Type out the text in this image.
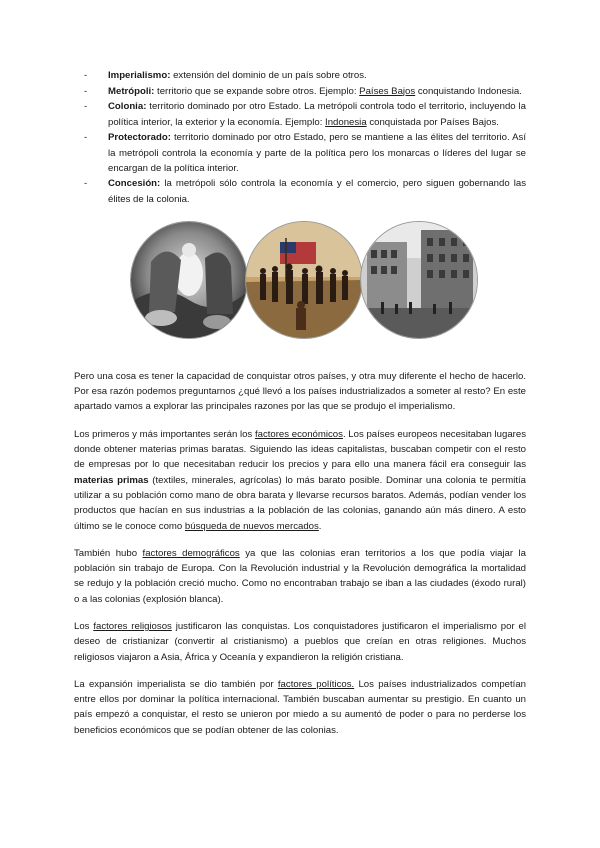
- Imperialismo: extensión del dominio de un país sobre otros.
- Metrópoli: territorio que se expande sobre otros. Ejemplo: Países Bajos conquistando Indonesia.
- Colonia: territorio dominado por otro Estado. La metrópoli controla todo el territorio, incluyendo la política interior, la exterior y la economía. Ejemplo: Indonesia conquistada por Países Bajos.
- Protectorado: territorio dominado por otro Estado, pero se mantiene a las élites del territorio. Así la metrópoli controla la economía y parte de la política pero los monarcas o líderes del lugar se encargan de la política interior.
- Concesión: la metrópoli sólo controla la economía y el comercio, pero siguen gobernando las élites de la colonia.

Pero una cosa es tener la capacidad de conquistar otros países, y otra muy diferente el hecho de hacerlo. Por esa razón podemos preguntarnos ¿qué llevó a los países industrializados a someter al resto? En este apartado vamos a explorar las principales razones por las que se produjo el imperialismo.

Los primeros y más importantes serán los factores económicos. Los países europeos necesitaban lugares donde obtener materias primas baratas. Siguiendo las ideas capitalistas, buscaban competir con el resto de empresas por lo que necesitaban reducir los precios y para ello una manera fácil era conseguir las materias primas (textiles, minerales, agrícolas) lo más barato posible. Dominar una colonia te permitía utilizar a su población como mano de obra barata y llevarse recursos baratos. Además, podían vender los productos que hacían en sus industrias a la población de las colonias, ganando aún más dinero. A esto último se le conoce como búsqueda de nuevos mercados.

También hubo factores demográficos ya que las colonias eran territorios a los que podía viajar la población sin trabajo de Europa. Con la Revolución industrial y la Revolución demográfica la mortalidad se redujo y la población creció mucho. Como no encontraban trabajo se iban a las ciudades (éxodo rural) o a las colonias (explosión blanca).

Los factores religiosos justificaron las conquistas. Los conquistadores justificaron el imperialismo por el deseo de cristianizar (convertir al cristianismo) a pueblos que creían en otras religiones. Muchos religiosos viajaron a Asia, África y Oceanía y expandieron la religión cristiana.

La expansión imperialista se dio también por factores políticos. Los países industrializados competían entre ellos por dominar la política internacional. También buscaban aumentar su prestigio. En cuanto un país empezó a conquistar, el resto se unieron por miedo a su aumentó de poder o para no perderse los beneficios económicos que se podían obtener de las colonias.
